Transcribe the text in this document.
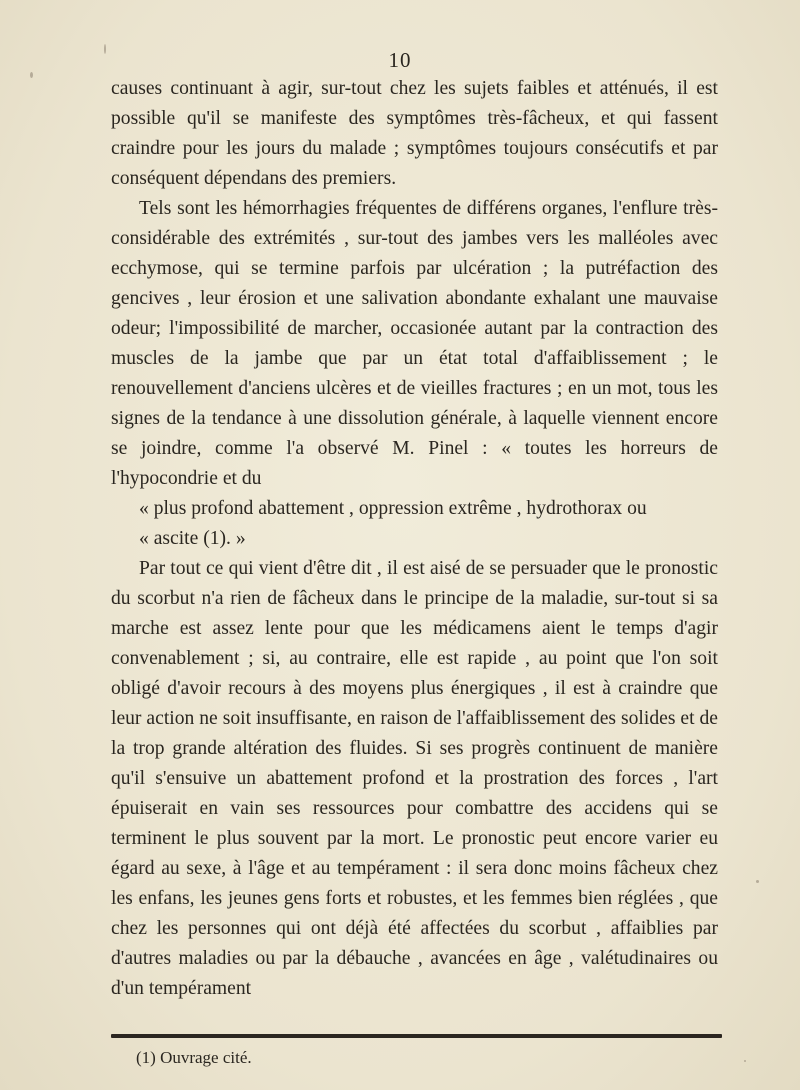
10

causes continuant à agir, sur-tout chez les sujets faibles et atténués, il est possible qu'il se manifeste des symptômes très-fâcheux, et qui fassent craindre pour les jours du malade ; symptômes toujours consécutifs et par conséquent dépendans des premiers.

Tels sont les hémorrhagies fréquentes de différens organes, l'enflure très-considérable des extrémités , sur-tout des jambes vers les malléoles avec ecchymose, qui se termine parfois par ulcération ; la putréfaction des gencives , leur érosion et une salivation abondante exhalant une mauvaise odeur; l'impossibilité de marcher, occasionée autant par la contraction des muscles de la jambe que par un état total d'affaiblissement ; le renouvellement d'anciens ulcères et de vieilles fractures ; en un mot, tous les signes de la tendance à une dissolution générale, à laquelle viennent encore se joindre, comme l'a observé M. Pinel : « toutes les horreurs de l'hypocondrie et du
« plus profond abattement , oppression extrême , hydrothorax ou
« ascite (1). »

Par tout ce qui vient d'être dit , il est aisé de se persuader que le pronostic du scorbut n'a rien de fâcheux dans le principe de la maladie, sur-tout si sa marche est assez lente pour que les médicamens aient le temps d'agir convenablement ; si, au contraire, elle est rapide , au point que l'on soit obligé d'avoir recours à des moyens plus énergiques , il est à craindre que leur action ne soit insuffisante, en raison de l'affaiblissement des solides et de la trop grande altération des fluides. Si ses progrès continuent de manière qu'il s'ensuive un abattement profond et la prostration des forces , l'art épuiserait en vain ses ressources pour combattre des accidens qui se terminent le plus souvent par la mort. Le pronostic peut encore varier eu égard au sexe, à l'âge et au tempérament : il sera donc moins fâcheux chez les enfans, les jeunes gens forts et robustes, et les femmes bien réglées , que chez les personnes qui ont déjà été affectées du scorbut , affaiblies par d'autres maladies ou par la débauche , avancées en âge , valétudinaires ou d'un tempérament

(1) Ouvrage cité.
